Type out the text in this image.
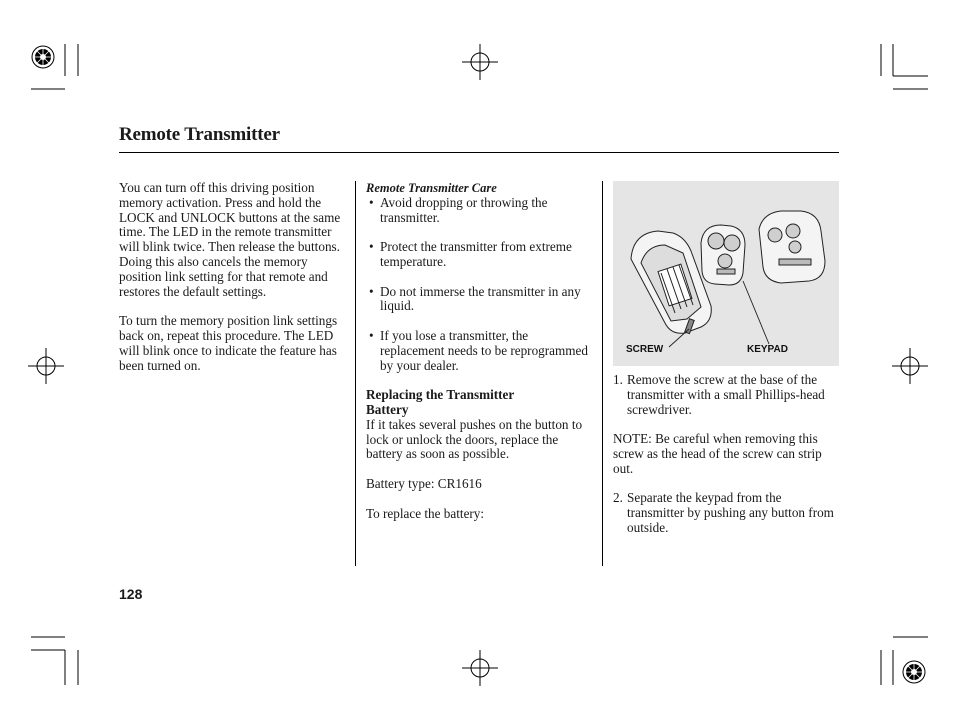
Remote Transmitter

You can turn off this driving position memory activation. Press and hold the LOCK and UNLOCK buttons at the same time. The LED in the remote transmitter will blink twice. Then release the buttons. Doing this also cancels the memory position link setting for that remote and restores the default settings.

To turn the memory position link settings back on, repeat this procedure. The LED will blink once to indicate the feature has been turned on.

Remote Transmitter Care

• Avoid dropping or throwing the transmitter.
• Protect the transmitter from extreme temperature.
• Do not immerse the transmitter in any liquid.
• If you lose a transmitter, the replacement needs to be reprogrammed by your dealer.

Replacing the Transmitter Battery

If it takes several pushes on the button to lock or unlock the doors, replace the battery as soon as possible.

Battery type: CR1616

To replace the battery:

SCREW	KEYPAD
1. Remove the screw at the base of the transmitter with a small Phillips-head screwdriver.

NOTE: Be careful when removing this screw as the head of the screw can strip out.

2. Separate the keypad from the transmitter by pushing any button from outside.
128
